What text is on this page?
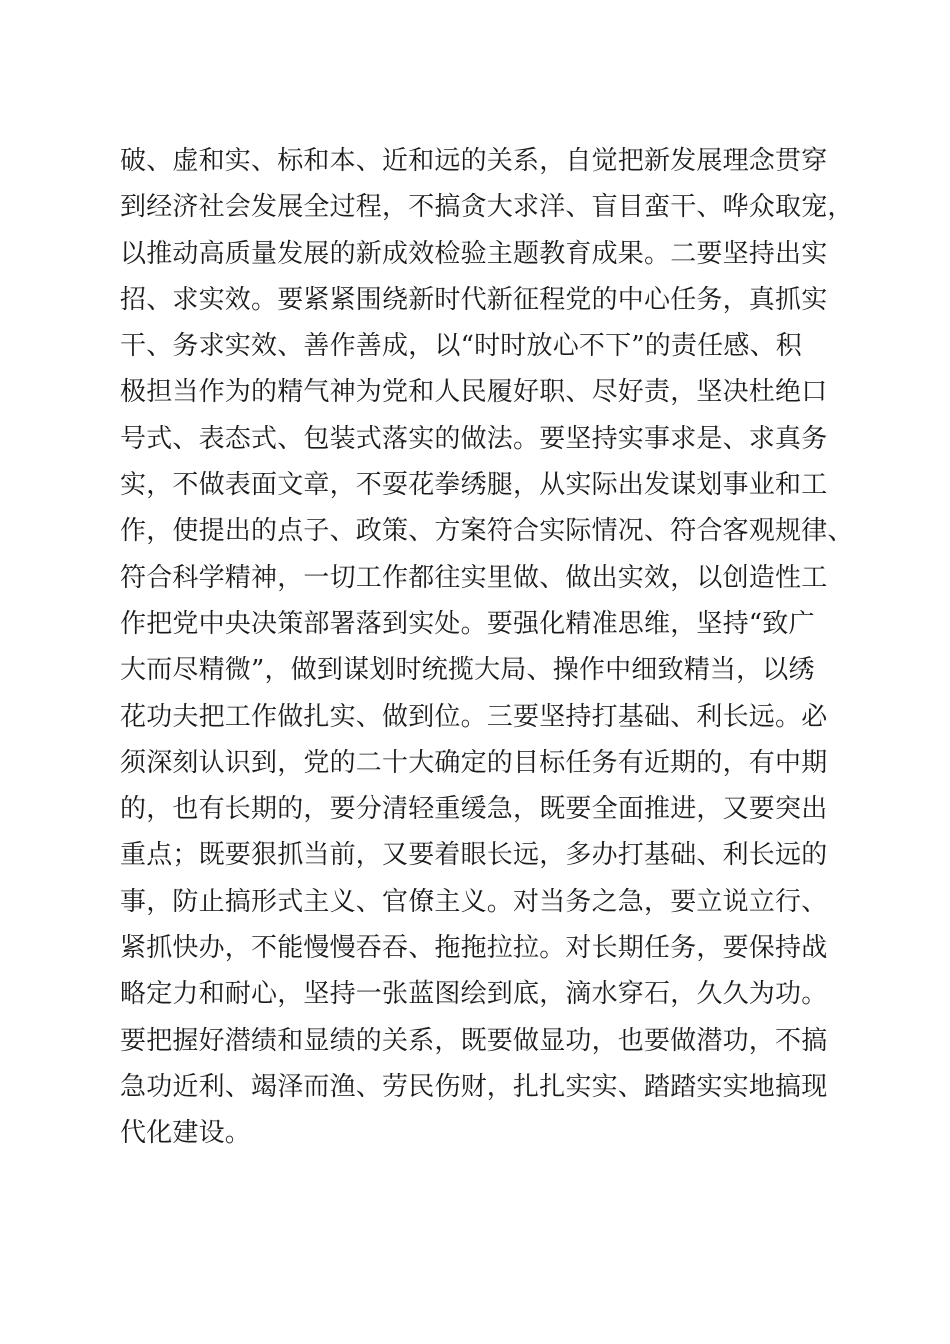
破、虚和实、标和本、近和远的关系，自觉把新发展理念贯穿
到经济社会发展全过程，不搞贪大求洋、盲目蛮干、哗众取宠，
以推动高质量发展的新成效检验主题教育成果。二要坚持出实
招、求实效。要紧紧围绕新时代新征程党的中心任务，真抓实
干、务求实效、善作善成，以“时时放心不下”的责任感、积
极担当作为的精气神为党和人民履好职、尽好责，坚决杜绝口
号式、表态式、包装式落实的做法。要坚持实事求是、求真务
实，不做表面文章，不耍花拳绣腿，从实际出发谋划事业和工
作，使提出的点子、政策、方案符合实际情况、符合客观规律、
符合科学精神，一切工作都往实里做、做出实效，以创造性工
作把党中央决策部署落到实处。要强化精准思维，坚持“致广
大而尽精微”，做到谋划时统揽大局、操作中细致精当，以绣
花功夫把工作做扎实、做到位。三要坚持打基础、利长远。必
须深刻认识到，党的二十大确定的目标任务有近期的，有中期
的，也有长期的，要分清轻重缓急，既要全面推进，又要突出
重点；既要狠抓当前，又要着眼长远，多办打基础、利长远的
事，防止搞形式主义、官僚主义。对当务之急，要立说立行、
紧抓快办，不能慢慢吞吞、拖拖拉拉。对长期任务，要保持战
略定力和耐心，坚持一张蓝图绘到底，滴水穿石，久久为功。
要把握好潜绩和显绩的关系，既要做显功，也要做潜功，不搞
急功近利、竭泽而渔、劳民伤财，扎扎实实、踏踏实实地搞现
代化建设。
